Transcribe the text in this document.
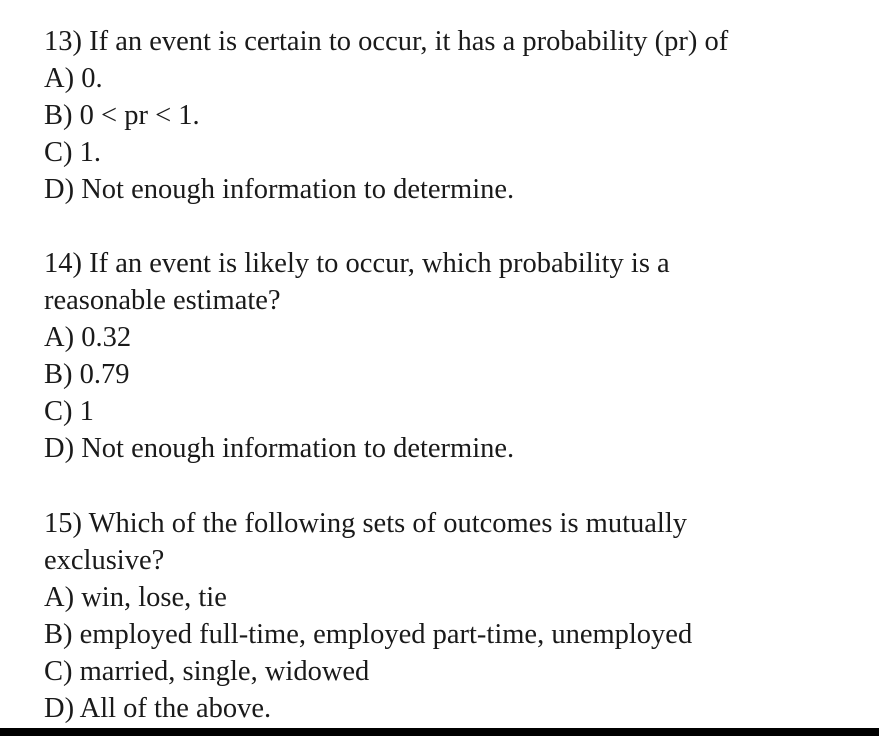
13) If an event is certain to occur, it has a probability (pr) of

A) 0.

B) 0 < pr < 1.

C) 1.

D) Not enough information to determine.

14) If an event is likely to occur, which probability is a

reasonable estimate?

A) 0.32

B) 0.79

C) 1

D) Not enough information to determine.

15) Which of the following sets of outcomes is mutually

exclusive?

A) win, lose, tie

B) employed full-time, employed part-time, unemployed

C) married, single, widowed

D) All of the above.
